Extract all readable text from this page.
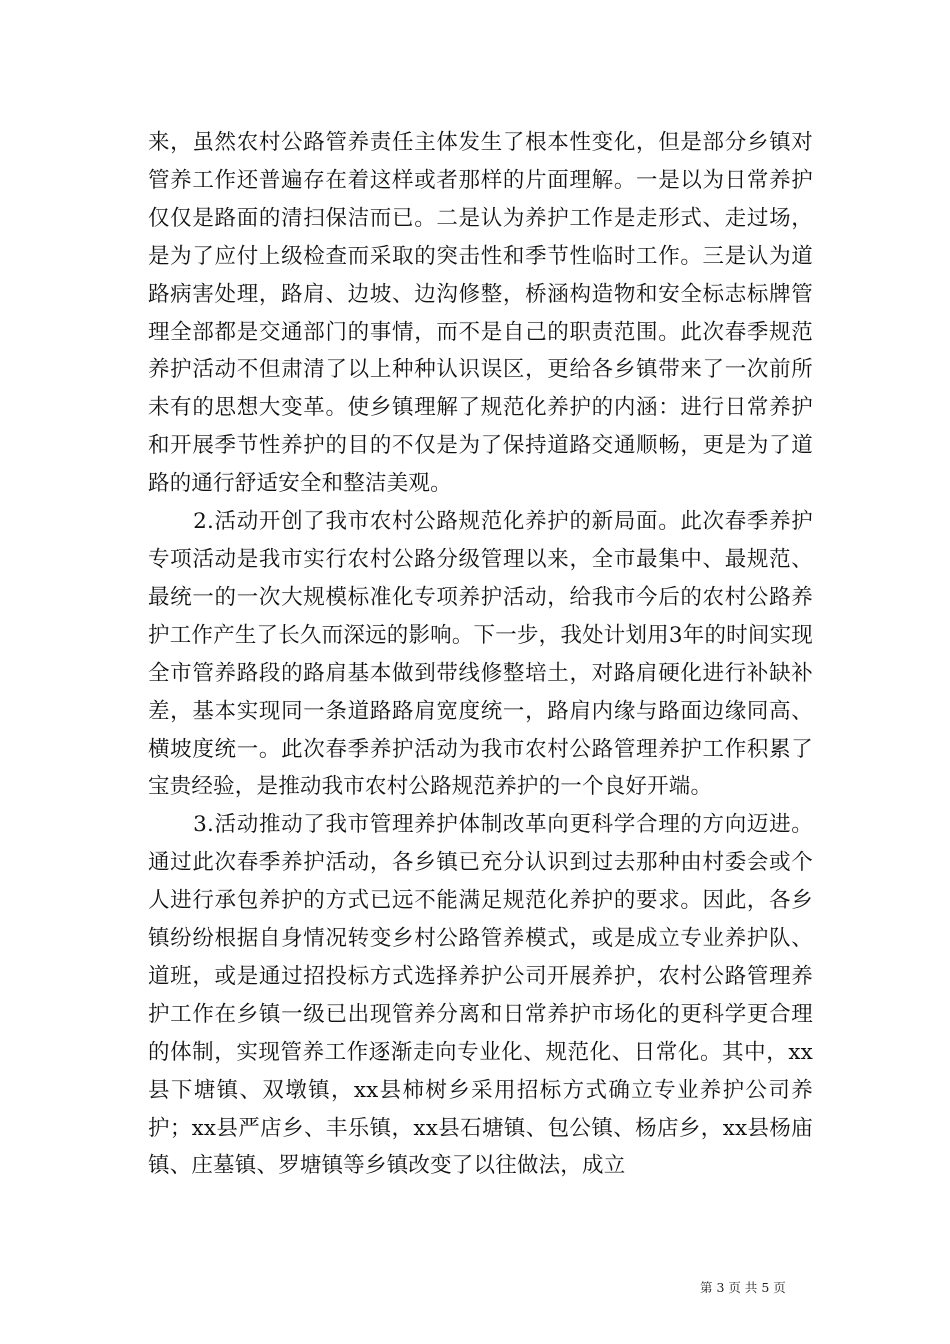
来，虽然农村公路管养责任主体发生了根本性变化，但是部分乡镇对管养工作还普遍存在着这样或者那样的片面理解。一是以为日常养护仅仅是路面的清扫保洁而已。二是认为养护工作是走形式、走过场，是为了应付上级检查而采取的突击性和季节性临时工作。三是认为道路病害处理，路肩、边坡、边沟修整，桥涵构造物和安全标志标牌管理全部都是交通部门的事情，而不是自己的职责范围。此次春季规范养护活动不但肃清了以上种种认识误区，更给各乡镇带来了一次前所未有的思想大变革。使乡镇理解了规范化养护的内涵：进行日常养护和开展季节性养护的目的不仅是为了保持道路交通顺畅，更是为了道路的通行舒适安全和整洁美观。

2.活动开创了我市农村公路规范化养护的新局面。此次春季养护专项活动是我市实行农村公路分级管理以来，全市最集中、最规范、最统一的一次大规模标准化专项养护活动，给我市今后的农村公路养护工作产生了长久而深远的影响。下一步，我处计划用3年的时间实现全市管养路段的路肩基本做到带线修整培土，对路肩硬化进行补缺补差，基本实现同一条道路路肩宽度统一，路肩内缘与路面边缘同高、横坡度统一。此次春季养护活动为我市农村公路管理养护工作积累了宝贵经验，是推动我市农村公路规范养护的一个良好开端。

3.活动推动了我市管理养护体制改革向更科学合理的方向迈进。通过此次春季养护活动，各乡镇已充分认识到过去那种由村委会或个人进行承包养护的方式已远不能满足规范化养护的要求。因此，各乡镇纷纷根据自身情况转变乡村公路管养模式，或是成立专业养护队、道班，或是通过招投标方式选择养护公司开展养护，农村公路管理养护工作在乡镇一级已出现管养分离和日常养护市场化的更科学更合理的体制，实现管养工作逐渐走向专业化、规范化、日常化。其中，xx县下塘镇、双墩镇，xx县柿树乡采用招标方式确立专业养护公司养护；xx县严店乡、丰乐镇，xx县石塘镇、包公镇、杨店乡，xx县杨庙镇、庄墓镇、罗塘镇等乡镇改变了以往做法，成立

第 3 页 共 5 页
